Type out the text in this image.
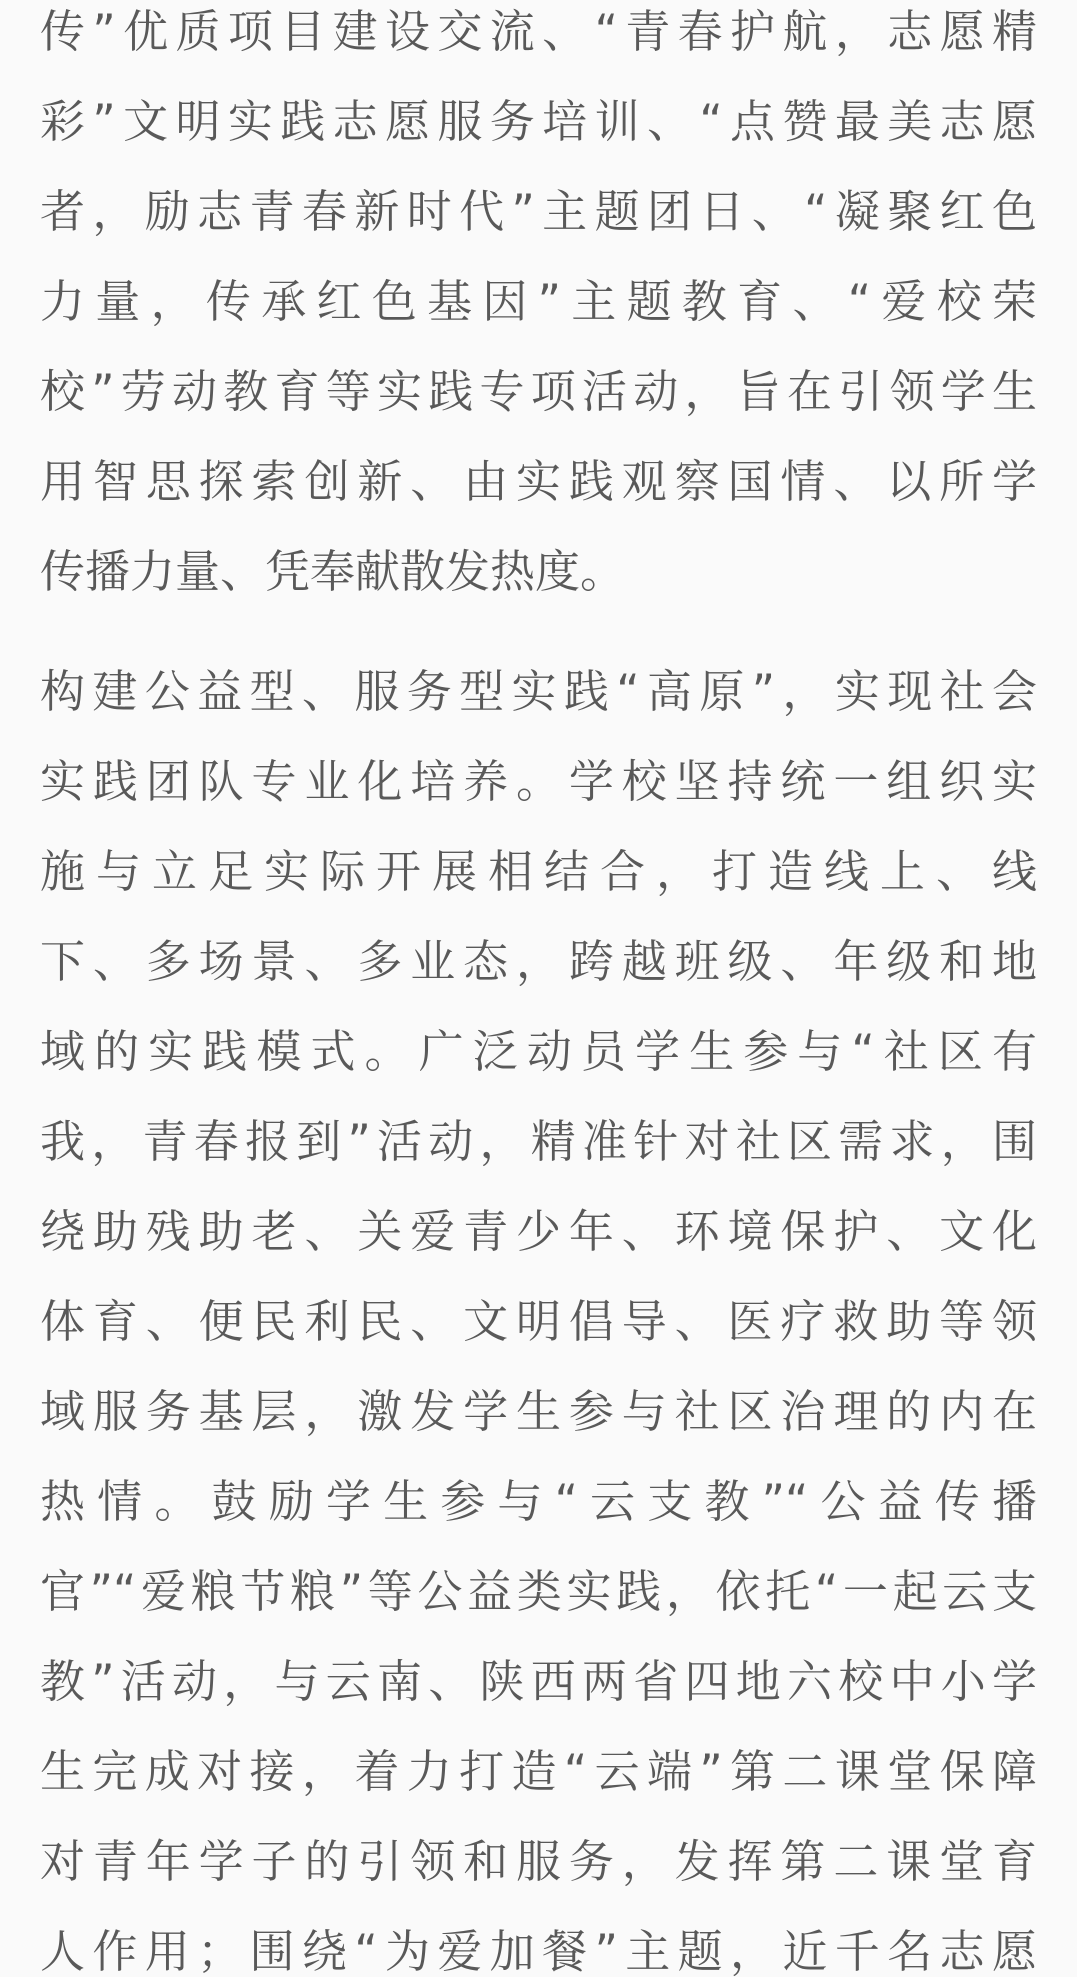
传”优质项目建设交流、“青春护航，志愿精
彩”文明实践志愿服务培训、“点赞最美志愿
者，励志青春新时代”主题团日、“凝聚红色
力量，传承红色基因”主题教育、“爱校荣
校”劳动教育等实践专项活动，旨在引领学生
用智思探索创新、由实践观察国情、以所学
传播力量、凭奉献散发热度。

构建公益型、服务型实践“高原”，实现社会
实践团队专业化培养。学校坚持统一组织实
施与立足实际开展相结合，打造线上、线
下、多场景、多业态，跨越班级、年级和地
域的实践模式。广泛动员学生参与“社区有
我，青春报到”活动，精准针对社区需求，围
绕助残助老、关爱青少年、环境保护、文化
体育、便民利民、文明倡导、医疗救助等领
域服务基层，激发学生参与社区治理的内在
热情。鼓励学生参与“云支教”“公益传播
官”“爱粮节粮”等公益类实践，依托“一起云支
教”活动，与云南、陕西两省四地六校中小学
生完成对接，着力打造“云端”第二课堂保障
对青年学子的引领和服务，发挥第二课堂育
人作用；围绕“为爱加餐”主题，近千名志愿
